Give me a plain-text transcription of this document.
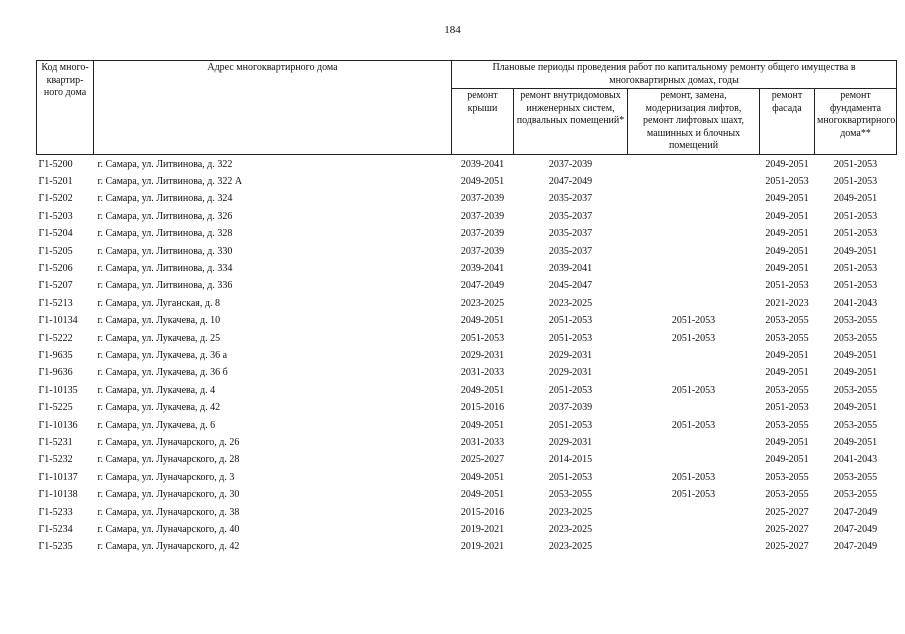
184
Код много-квартир-ного дома	Адрес многоквартирного дома	Плановые периоды проведения работ по капитальному ремонту общего имущества в многоквартирных домах, годы				
		ремонт крыши	ремонт внутридомовых инженерных систем, подвальных помещений*	ремонт, замена, модернизация лифтов, ремонт лифтовых шахт, машинных и блочных помещений	ремонт фасада	ремонт фундамента многоквартирного дома**
Г1-5200	г. Самара, ул. Литвинова, д. 322	2039-2041	2037-2039		2049-2051	2051-2053
Г1-5201	г. Самара, ул. Литвинова, д. 322 А	2049-2051	2047-2049		2051-2053	2051-2053
Г1-5202	г. Самара, ул. Литвинова, д. 324	2037-2039	2035-2037		2049-2051	2049-2051
Г1-5203	г. Самара, ул. Литвинова, д. 326	2037-2039	2035-2037		2049-2051	2051-2053
Г1-5204	г. Самара, ул. Литвинова, д. 328	2037-2039	2035-2037		2049-2051	2051-2053
Г1-5205	г. Самара, ул. Литвинова, д. 330	2037-2039	2035-2037		2049-2051	2049-2051
Г1-5206	г. Самара, ул. Литвинова, д. 334	2039-2041	2039-2041		2049-2051	2051-2053
Г1-5207	г. Самара, ул. Литвинова, д. 336	2047-2049	2045-2047		2051-2053	2051-2053
Г1-5213	г. Самара, ул. Луганская, д. 8	2023-2025	2023-2025		2021-2023	2041-2043
Г1-10134	г. Самара, ул. Лукачева, д. 10	2049-2051	2051-2053	2051-2053	2053-2055	2053-2055
Г1-5222	г. Самара, ул. Лукачева, д. 25	2051-2053	2051-2053	2051-2053	2053-2055	2053-2055
Г1-9635	г. Самара, ул. Лукачева, д. 36 а	2029-2031	2029-2031		2049-2051	2049-2051
Г1-9636	г. Самара, ул. Лукачева, д. 36 б	2031-2033	2029-2031		2049-2051	2049-2051
Г1-10135	г. Самара, ул. Лукачева, д. 4	2049-2051	2051-2053	2051-2053	2053-2055	2053-2055
Г1-5225	г. Самара, ул. Лукачева, д. 42	2015-2016	2037-2039		2051-2053	2049-2051
Г1-10136	г. Самара, ул. Лукачева, д. 6	2049-2051	2051-2053	2051-2053	2053-2055	2053-2055
Г1-5231	г. Самара, ул. Луначарского, д. 26	2031-2033	2029-2031		2049-2051	2049-2051
Г1-5232	г. Самара, ул. Луначарского, д. 28	2025-2027	2014-2015		2049-2051	2041-2043
Г1-10137	г. Самара, ул. Луначарского, д. 3	2049-2051	2051-2053	2051-2053	2053-2055	2053-2055
Г1-10138	г. Самара, ул. Луначарского, д. 30	2049-2051	2053-2055	2051-2053	2053-2055	2053-2055
Г1-5233	г. Самара, ул. Луначарского, д. 38	2015-2016	2023-2025		2025-2027	2047-2049
Г1-5234	г. Самара, ул. Луначарского, д. 40	2019-2021	2023-2025		2025-2027	2047-2049
Г1-5235	г. Самара, ул. Луначарского, д. 42	2019-2021	2023-2025		2025-2027	2047-2049
